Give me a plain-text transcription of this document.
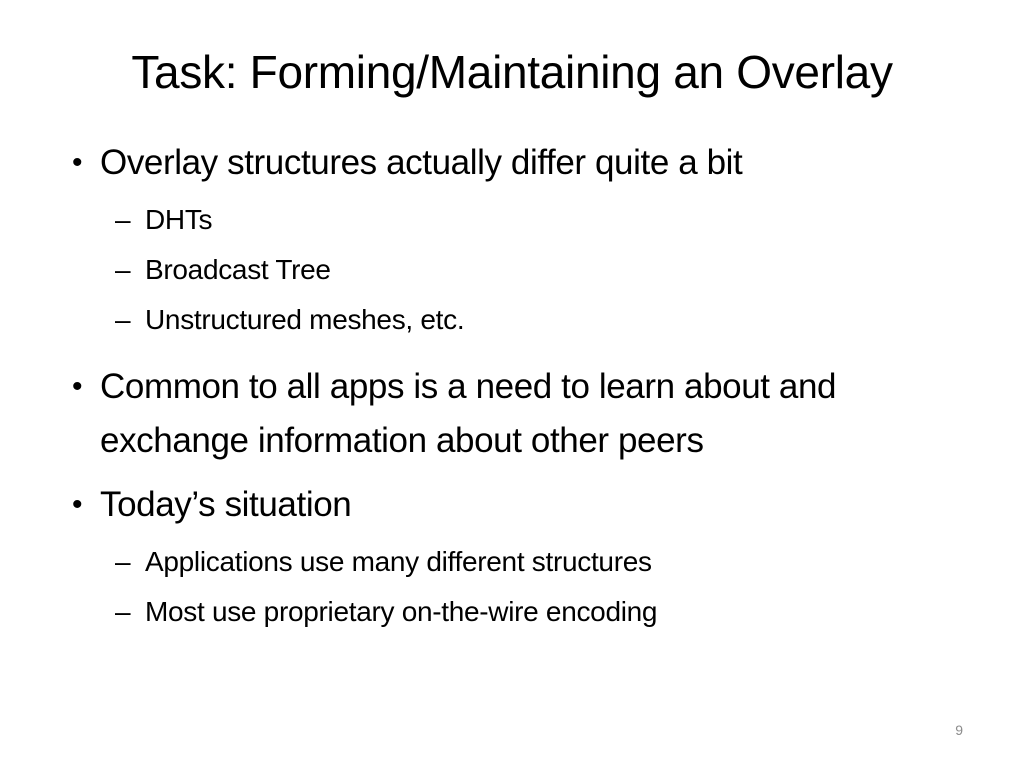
Task: Forming/Maintaining an Overlay
• Overlay structures actually differ quite a bit
– DHTs
– Broadcast Tree
– Unstructured meshes, etc.
• Common to all apps is a need to learn about and exchange information about other peers
• Today’s situation
– Applications use many different structures
– Most use proprietary on-the-wire encoding
9
